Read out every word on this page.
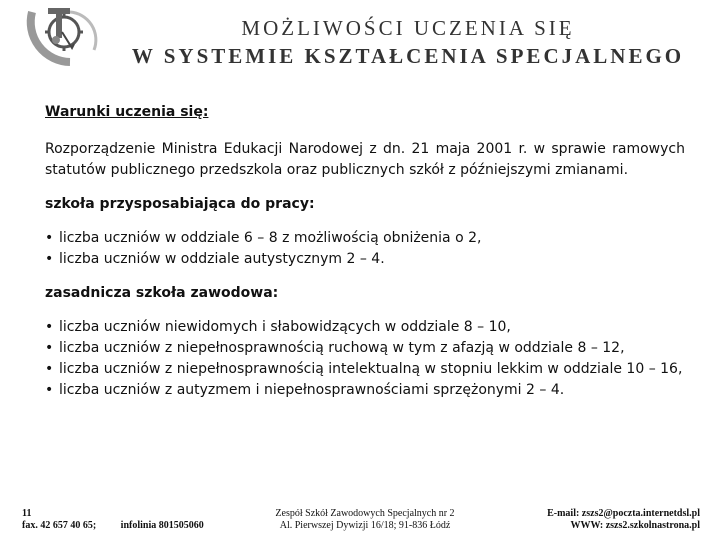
MOŻLIWOŚCI UCZENIA SIĘ
W SYSTEMIE KSZTAŁCENIA SPECJALNEGO
Warunki uczenia się:
Rozporządzenie Ministra Edukacji Narodowej z dn. 21 maja 2001 r. w sprawie ramowych statutów publicznego przedszkola oraz publicznych szkół z późniejszymi zmianami.
szkoła przysposabiająca do pracy:
• liczba uczniów w oddziale 6 – 8 z możliwością obniżenia o 2,
• liczba uczniów w oddziale autystycznym 2 – 4.
zasadnicza szkoła zawodowa:
• liczba uczniów niewidomych i słabowidzących w oddziale 8 – 10,
• liczba uczniów z niepełnosprawnością ruchową w tym z afazją w oddziale 8 – 12,
• liczba uczniów z niepełnosprawnością intelektualną w stopniu lekkim w oddziale 10 – 16,
• liczba uczniów z autyzmem i niepełnosprawnościami sprzężonymi 2 – 4.
11
fax. 42 657 40 65; infolinia 801505060
Zespół Szkół Zawodowych Specjalnych nr 2
Al. Pierwszej Dywizji 16/18; 91-836 Łódź
E-mail: zszs2@poczta.internetdsl.pl
WWW: zszs2.szkolnastrona.pl
